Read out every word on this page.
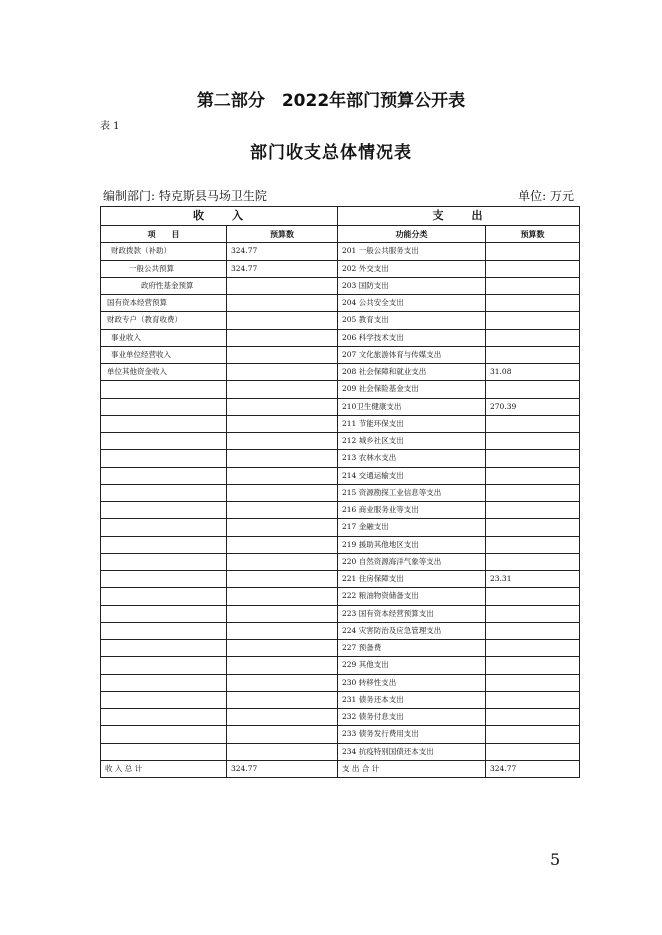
第二部分　2022年部门预算公开表
表 1
部门收支总体情况表
编制部门: 特克斯县马场卫生院	单位: 万元
收　　入		支　　出	
项　　目	预算数	功能分类	预算数
财政拨款（补助）	324.77	201 一般公共服务支出	
一般公共预算	324.77	202 外交支出	
政府性基金预算		203 国防支出	
国有资本经营预算		204 公共安全支出	
财政专户（教育收费）		205 教育支出	
事业收入		206 科学技术支出	
事业单位经营收入		207 文化旅游体育与传媒支出	
单位其他资金收入		208 社会保障和就业支出	31.08
		209 社会保险基金支出	
		210卫生健康支出	270.39
		211 节能环保支出	
		212 城乡社区支出	
		213 农林水支出	
		214 交通运输支出	
		215 资源勘探工业信息等支出	
		216 商业服务业等支出	
		217 金融支出	
		219 援助其他地区支出	
		220 自然资源海洋气象等支出	
		221 住房保障支出	23.31
		222 粮油物资储备支出	
		223 国有资本经营预算支出	
		224 灾害防治及应急管理支出	
		227 预备费	
		229 其他支出	
		230 转移性支出	
		231 债务还本支出	
		232 债务付息支出	
		233 债务发行费用支出	
		234 抗疫特别国债还本支出	
收 入 总 计	324.77	支 出 合 计	324.77
5
